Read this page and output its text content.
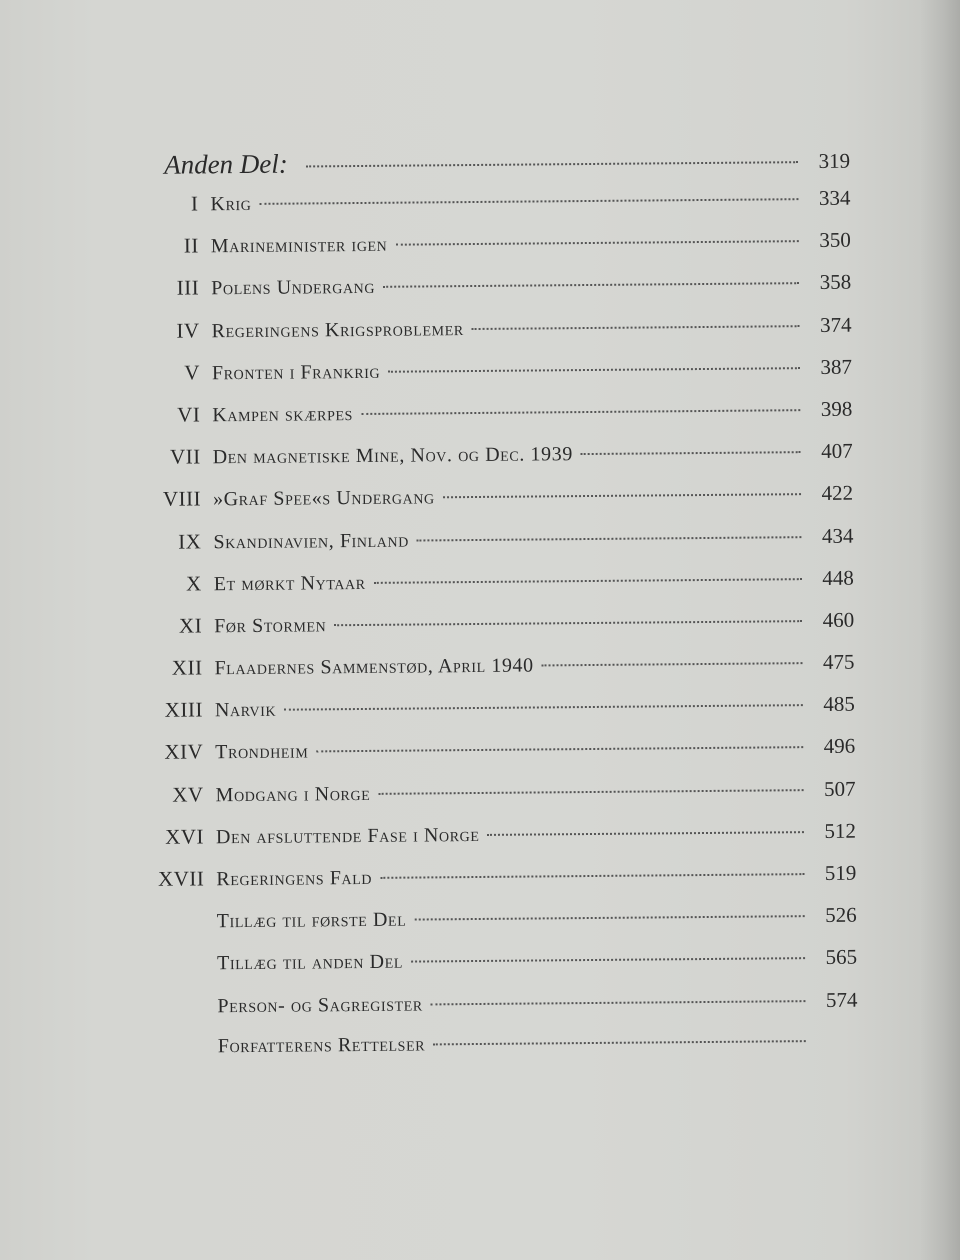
Anden Del:	319
I Krig	334
II Marineminister igen	350
III Polens Undergang	358
IV Regeringens Krigsproblemer	374
V Fronten i Frankrig	387
VI Kampen skærpes	398
VII Den magnetiske Mine, Nov. og Dec. 1939	407
VIII »Graf Spee«s Undergang	422
IX Skandinavien, Finland	434
X Et mørkt Nytaar	448
XI Før Stormen	460
XII Flaadernes Sammenstød, April 1940	475
XIII Narvik	485
XIV Trondheim	496
XV Modgang i Norge	507
XVI Den afsluttende Fase i Norge	512
XVII Regeringens Fald	519
Tillæg til første Del	526
Tillæg til anden Del	565
Person- og Sagregister	574
Forfatterens Rettelser
